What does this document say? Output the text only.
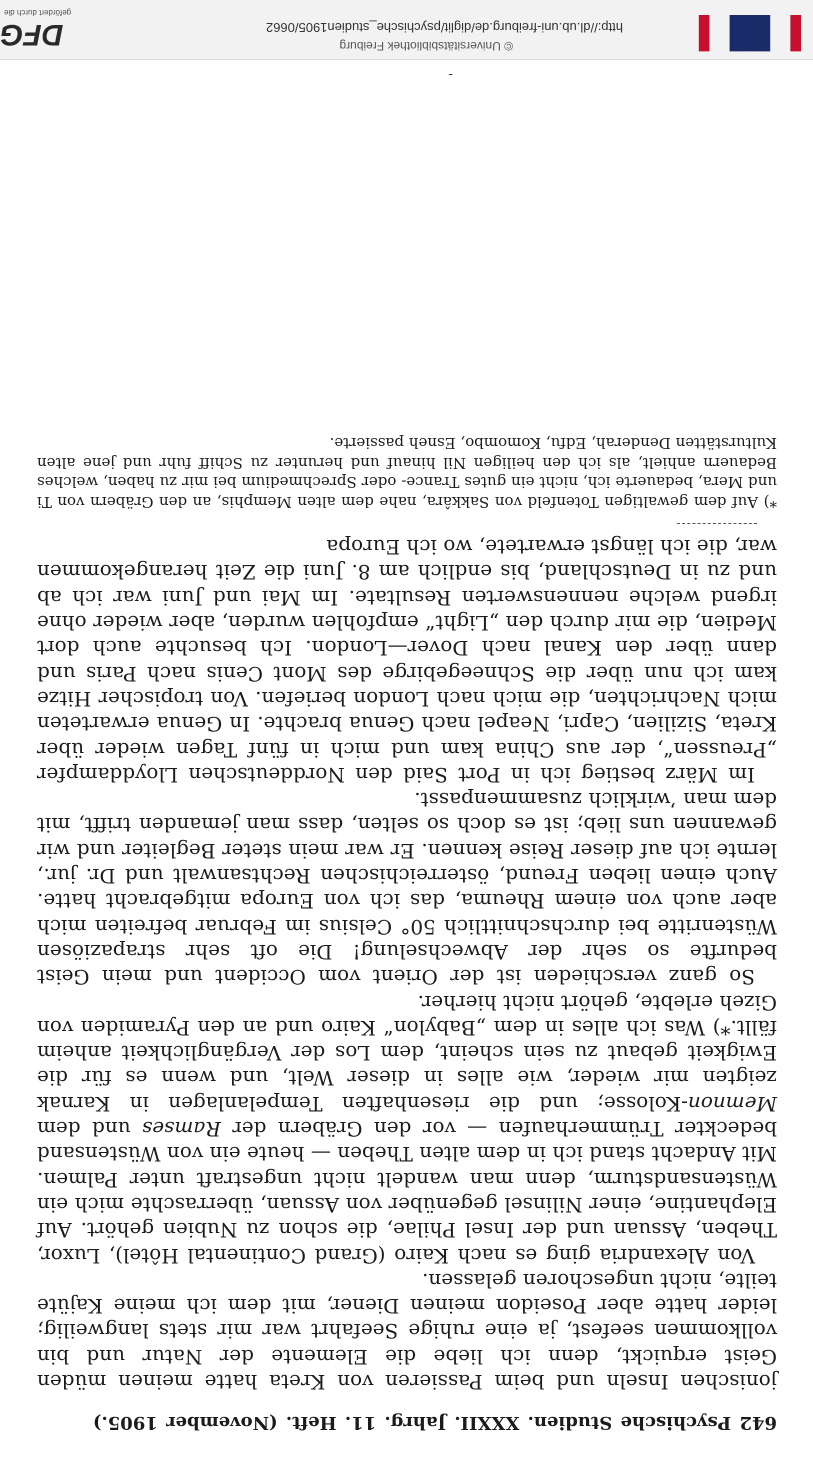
642 Psychische Studien. XXXII. Jahrg. 11. Heft. (November 1905.)

jonischen Inseln und beim Passieren von Kreta hatte meinen müden Geist erquickt, denn ich liebe die Elemente der Natur und bin vollkommen seefest, ja eine ruhige Seefahrt war mir stets langweilig; leider hatte aber Poseidon meinen Diener, mit dem ich meine Kajüte teilte, nicht ungeschoren gelassen.

Von Alexandria ging es nach Kairo (Grand Continental Hôtel), Luxor, Theben, Assuan und der Insel Philae, die schon zu Nubien gehört. Auf Elephantine, einer Nilinsel gegenüber von Assuan, überraschte mich ein Wüstensandsturm, denn man wandelt nicht ungestraft unter Palmen. Mit Andacht stand ich in dem alten Theben — heute ein von Wüstensand bedeckter Trümmerhaufen — vor den Gräbern der Ramses und dem Memnon-Kolosse; und die riesenhaften Tempelanlagen in Karnak zeigten mir wieder, wie alles in dieser Welt, und wenn es für die Ewigkeit gebaut zu sein scheint, dem Los der Vergänglichkeit anheim fällt.*) Was ich alles in dem „Babylon“ Kairo und an den Pyramiden von Gizeh erlebte, gehört nicht hierher.

So ganz verschieden ist der Orient vom Occident und mein Geist bedurfte so sehr der Abwechselung! Die oft sehr strapaziösen Wüstenritte bei durchschnittlich 50° Celsius im Februar befreiten mich aber auch von einem Rheuma, das ich von Europa mitgebracht hatte. Auch einen lieben Freund, österreichischen Rechtsanwalt und Dr. jur., lernte ich auf dieser Reise kennen. Er war mein steter Begleiter und wir gewannen uns lieb; ist es doch so selten, dass man jemanden trifft, mit dem man ʼwirklich zusammenpasst.

Im März bestieg ich in Port Said den Norddeutschen Lloyddampfer „Preussen“, der aus China kam und mich in fünf Tagen wieder über Kreta, Sizilien, Capri, Neapel nach Genua brachte. In Genua erwarteten mich Nachrichten, die mich nach London beriefen. Von tropischer Hitze kam ich nun über die Schneegebirge des Mont Cenis nach Paris und dann über den Kanal nach Dover—London. Ich besuchte auch dort Medien, die mir durch den „Light“ empfohlen wurden, aber wieder ohne irgend welche nennenswerten Resultate. Im Mai und Juni war ich ab und zu in Deutschland, bis endlich am 8. Juni die Zeit herangekommen war, die ich längst erwartete, wo ich Europa

*) Auf dem gewaltigen Totenfeld von Sakkâra, nahe dem alten Memphis, an den Gräbern von Ti und Mera, bedauerte ich, nicht ein gutes Trance- oder Sprechmedium bei mir zu haben, welches Bedauern anhielt, als ich den heiligen Nil hinauf und herunter zu Schiff fuhr und jene alten Kulturstätten Denderah, Edfu, Komombo, Esneh passierte.

-
▌▐█▌▐
http://dl.ub.uni-freiburg.de/diglit/psychische_studien1905/0662
© Universitätsbibliothek Freiburg
DFG
gefördert durch die
